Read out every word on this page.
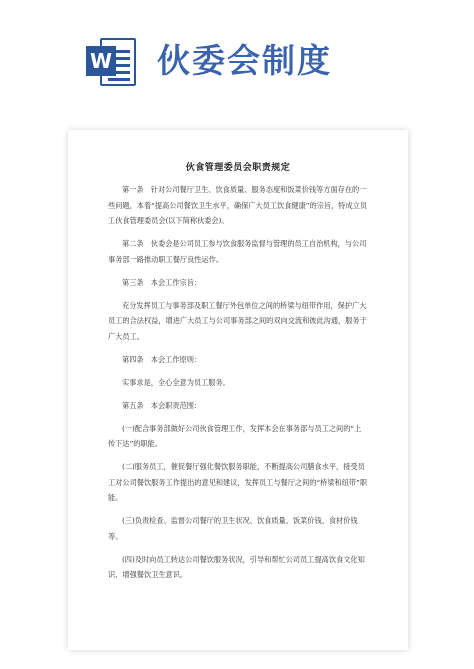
W 伙委会制度
伙食管理委员会职责规定

第一条　针对公司餐厅卫生、饮食质量、服务态度和饭菜价钱等方面存在的一些问题，本着“提高公司餐饮卫生水平，确保广大员工饮食健康”的宗旨，特成立员工伙食管理委员会(以下简称伙委会)。

第二条　伙委会是公司员工参与饮食服务监督与管理的员工自治机构，与公司事务部一路推动职工餐厅良性运作。

第三条　本会工作宗旨：

充分发挥员工与事务部及职工餐厅外包单位之间的桥梁与纽带作用，保护广大员工的合法权益，增进广大员工与公司事务部之间的双向交流和彼此沟通，服务于广大员工。

第四条　本会工作原则：

实事求是，全心全意为员工服务。

第五条　本会职责范围：

(一)配合事务部做好公司伙食管理工作，发挥本会在事务部与员工之间的“上传下达”的职能。

(二)服务员工，催促餐厅强化餐饮服务职能，不断提高公司膳食水平，接受员工对公司餐饮服务工作提出的意见和建议，发挥员工与餐厅之间的“桥梁和纽带”职能。

(三)负责检查、监督公司餐厅的卫生状况、饮食质量、饭菜价钱、食材价钱等。

(四)及时向员工转达公司餐饮服务状况，引导和帮忙公司员工提高饮食文化知识、增强餐饮卫生意识。
